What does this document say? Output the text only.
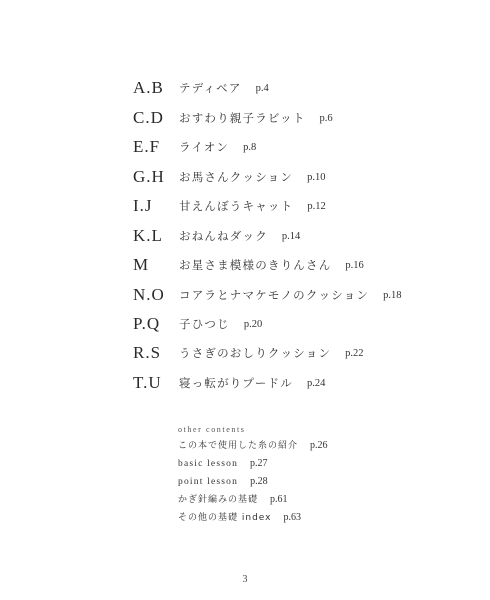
A.B	テディベア p.4
C.D	おすわり親子ラビット p.6
E.F	ライオン p.8
G.H	お馬さんクッション p.10
I.J	甘えんぼうキャット p.12
K.L	おねんねダック p.14
M	お星さま模様のきりんさん p.16
N.O	コアラとナマケモノのクッション p.18
P.Q	子ひつじ p.20
R.S	うさぎのおしりクッション p.22
T.U	寝っ転がりプードル p.24
other contents
この本で使用した糸の紹介 p.26
basic lesson p.27
point lesson p.28
かぎ針編みの基礎 p.61
その他の基礎 index p.63
3
